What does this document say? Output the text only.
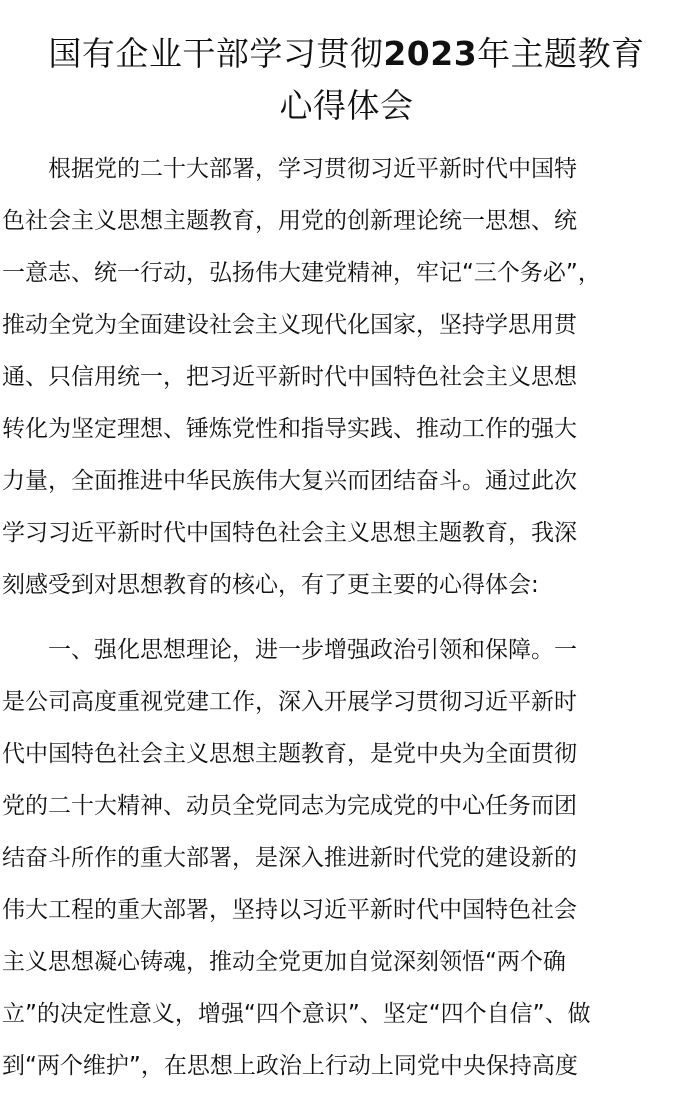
国有企业干部学习贯彻2023年主题教育
心得体会

　　根据党的二十大部署，学习贯彻习近平新时代中国特

色社会主义思想主题教育，用党的创新理论统一思想、统

一意志、统一行动，弘扬伟大建党精神，牢记“三个务必”，

推动全党为全面建设社会主义现代化国家，坚持学思用贯

通、只信用统一，把习近平新时代中国特色社会主义思想

转化为坚定理想、锤炼党性和指导实践、推动工作的强大

力量，全面推进中华民族伟大复兴而团结奋斗。通过此次

学习习近平新时代中国特色社会主义思想主题教育，我深

刻感受到对思想教育的核心，有了更主要的心得体会:

　　一、强化思想理论，进一步增强政治引领和保障。一

是公司高度重视党建工作，深入开展学习贯彻习近平新时

代中国特色社会主义思想主题教育，是党中央为全面贯彻

党的二十大精神、动员全党同志为完成党的中心任务而团

结奋斗所作的重大部署，是深入推进新时代党的建设新的

伟大工程的重大部署，坚持以习近平新时代中国特色社会

主义思想凝心铸魂，推动全党更加自觉深刻领悟“两个确

立”的决定性意义，增强“四个意识”、坚定“四个自信”、做

到“两个维护”，在思想上政治上行动上同党中央保持高度
